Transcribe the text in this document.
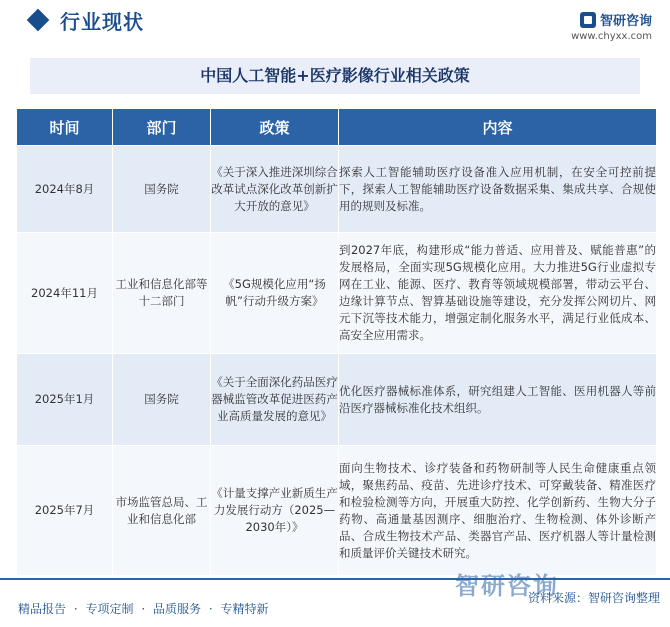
行业现状	智研咨询
www.chyxx.com
中国人工智能+医疗影像行业相关政策
时间	部门	政策	内容
2024年8月	国务院	《关于深入推进深圳综合改革试点深化改革创新扩大开放的意见》	探索人工智能辅助医疗设备准入应用机制，在安全可控前提下，探索人工智能辅助医疗设备数据采集、集成共享、合规使用的规则及标准。
2024年11月	工业和信息化部等十二部门	《5G规模化应用“扬帆”行动升级方案》	到2027年底，构建形成“能力普适、应用普及、赋能普惠”的发展格局，全面实现5G规模化应用。大力推进5G行业虚拟专网在工业、能源、医疗、教育等领域规模部署，带动云平台、边缘计算节点、智算基础设施等建设，充分发挥公网切片、网元下沉等技术能力，增强定制化服务水平，满足行业低成本、高安全应用需求。
2025年1月	国务院	《关于全面深化药品医疗器械监管改革促进医药产业高质量发展的意见》	优化医疗器械标准体系，研究组建人工智能、医用机器人等前沿医疗器械标准化技术组织。
2025年7月	市场监管总局、工业和信息化部	《计量支撑产业新质生产力发展行动方（2025—2030年）》	面向生物技术、诊疗装备和药物研制等人民生命健康重点领域，聚焦药品、疫苗、先进诊疗技术、可穿戴装备、精准医疗和检验检测等方向，开展重大防控、化学创新药、生物大分子药物、高通量基因测序、细胞治疗、生物检测、体外诊断产品、合成生物技术产品、类器官产品、医疗机器人等计量检测和质量评价关键技术研究。
智研咨询
精品报告 · 专项定制 · 品质服务 · 专精特新
资料来源：智研咨询整理
